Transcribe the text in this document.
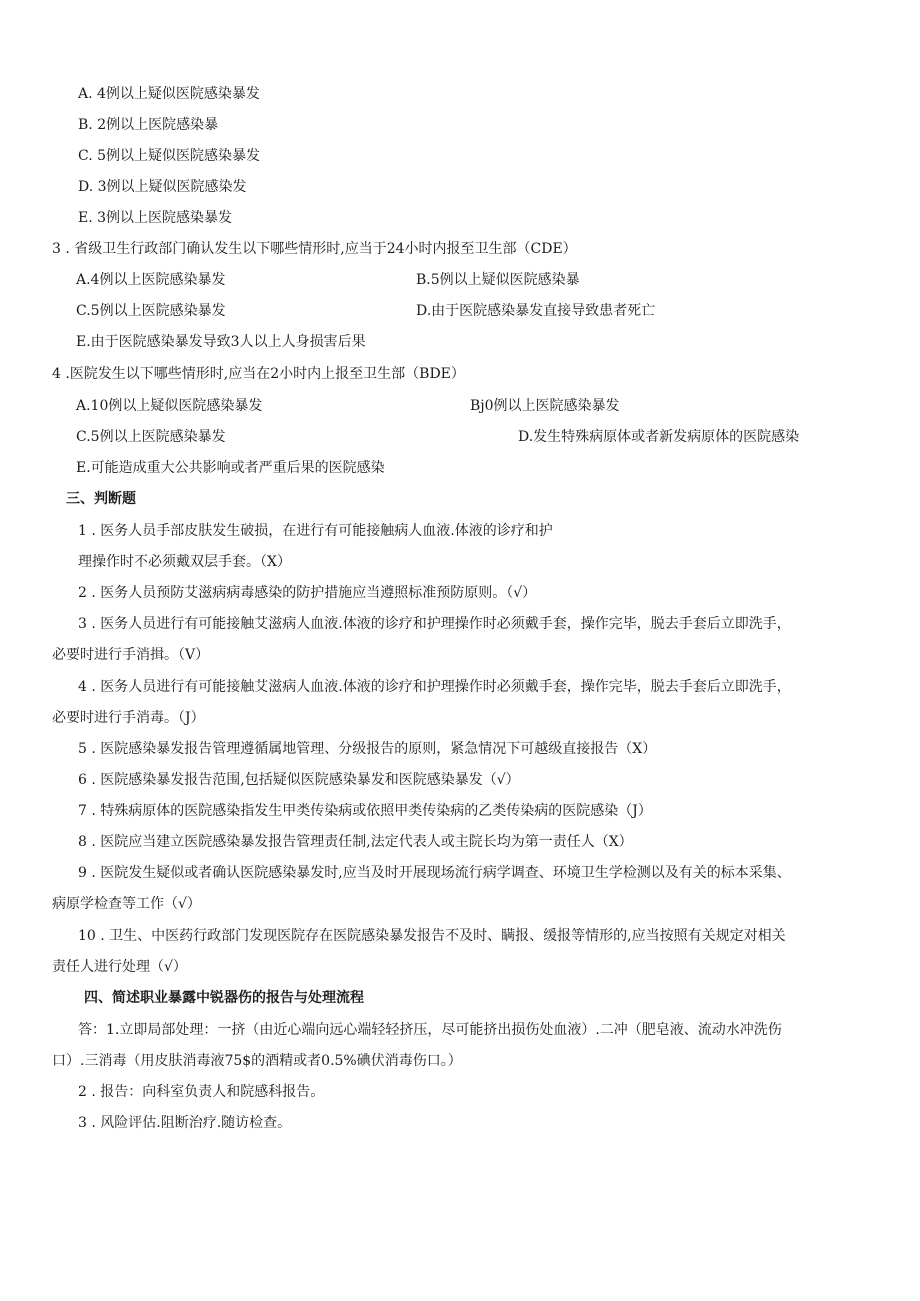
A. 4例以上疑似医院感染暴发
B. 2例以上医院感染暴
C. 5例以上疑似医院感染暴发
D. 3例以上疑似医院感染发
E. 3例以上医院感染暴发
3 . 省级卫生行政部门确认发生以下哪些情形时,应当于24小时内报至卫生部（CDE）
A.4例以上医院感染暴发	B.5例以上疑似医院感染暴
C.5例以上医院感染暴发	D.由于医院感染暴发直接导致患者死亡
E.由于医院感染暴发导致3人以上人身损害后果
4 .医院发生以下哪些情形时,应当在2小时内上报至卫生部（BDE）
A.10例以上疑似医院感染暴发	Bj0例以上医院感染暴发
C.5例以上医院感染暴发	D.发生特殊病原体或者新发病原体的医院感染
E.可能造成重大公共影响或者严重后果的医院感染
三、判断题
1 . 医务人员手部皮肤发生破损，在进行有可能接触病人血液.体液的诊疗和护
理操作时不必须戴双层手套。（X）
2 . 医务人员预防艾滋病病毒感染的防护措施应当遵照标准预防原则。（√）
3 . 医务人员进行有可能接触艾滋病人血液.体液的诊疗和护理操作时必须戴手套，操作完毕，脱去手套后立即洗手，
必要时进行手消揖。（V）
4 . 医务人员进行有可能接触艾滋病人血液.体液的诊疗和护理操作时必须戴手套，操作完毕，脱去手套后立即洗手，
必要时进行手消毒。（J）
5 . 医院感染暴发报告管理遵循属地管理、分级报告的原则，紧急情况下可越级直接报告（X）
6 . 医院感染暴发报告范围,包括疑似医院感染暴发和医院感染暴发（√）
7 . 特殊病原体的医院感染指发生甲类传染病或依照甲类传染病的乙类传染病的医院感染（J）
8 . 医院应当建立医院感染暴发报告管理责任制,法定代表人或主院长均为第一责任人（X）
9 . 医院发生疑似或者确认医院感染暴发时,应当及时开展现场流行病学调查、环境卫生学检测以及有关的标本采集、
病原学检查等工作（√）
10 . 卫生、中医药行政部门发现医院存在医院感染暴发报告不及时、瞒报、缓报等情形的,应当按照有关规定对相关
责任人进行处理（√）
四、简述职业暴露中锐器伤的报告与处理流程
答：1.立即局部处理：一挤（由近心端向远心端轻轻挤压，尽可能挤出损伤处血液）.二冲（肥皂液、流动水冲洗伤
口）.三消毒（用皮肤消毒液75$的酒精或者0.5%碘伏消毒伤口。）
2 . 报告：向科室负责人和院感科报告。
3 . 风险评估.阻断治疗.随访检查。
